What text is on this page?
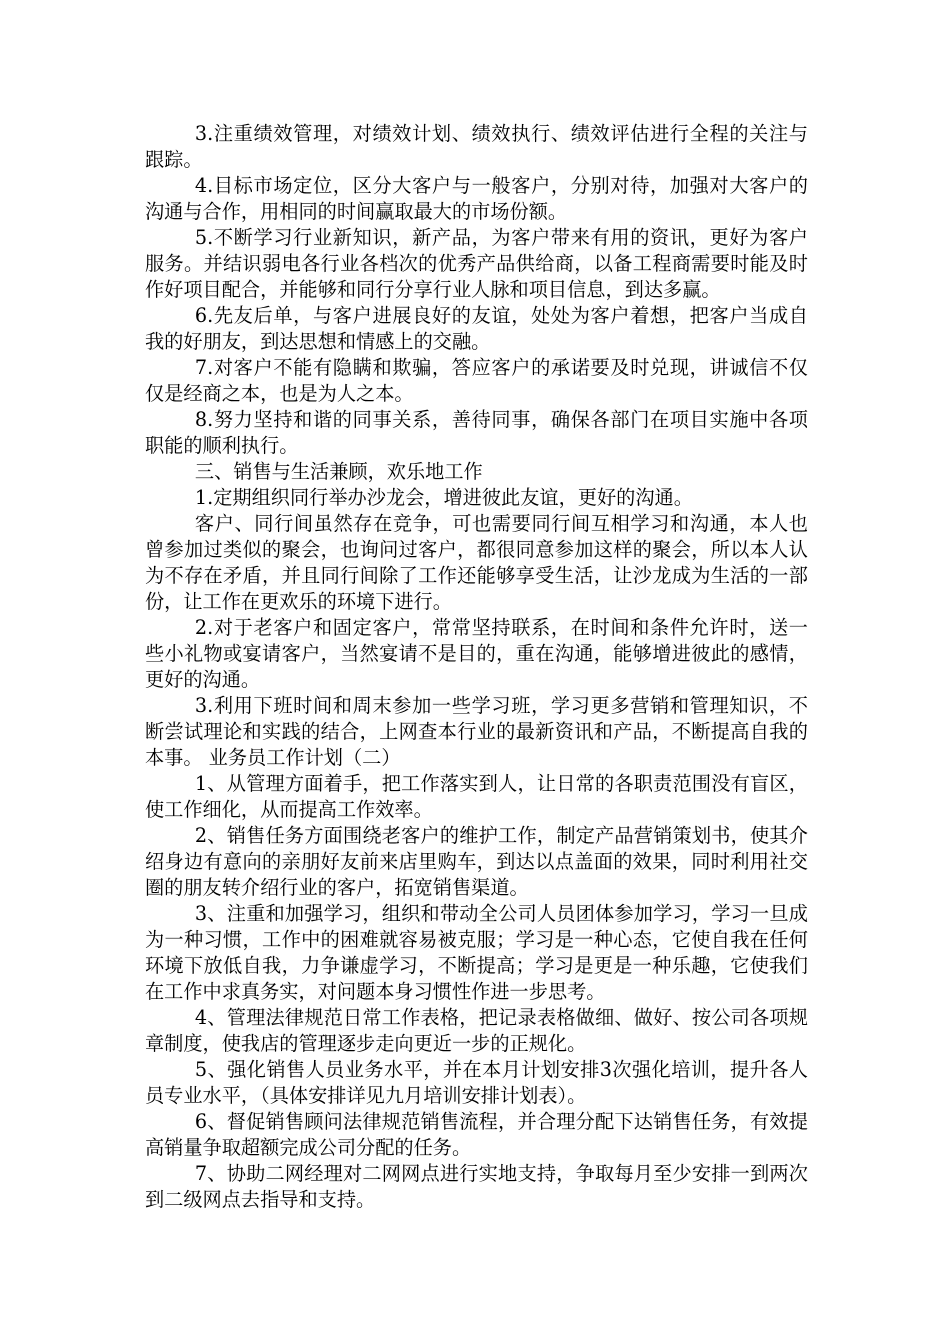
3.注重绩效管理，对绩效计划、绩效执行、绩效评估进行全程的关注与跟踪。

4.目标市场定位，区分大客户与一般客户，分别对待，加强对大客户的沟通与合作，用相同的时间赢取最大的市场份额。

5.不断学习行业新知识，新产品，为客户带来有用的资讯，更好为客户服务。并结识弱电各行业各档次的优秀产品供给商，以备工程商需要时能及时作好项目配合，并能够和同行分享行业人脉和项目信息，到达多赢。

6.先友后单，与客户进展良好的友谊，处处为客户着想，把客户当成自我的好朋友，到达思想和情感上的交融。

7.对客户不能有隐瞒和欺骗，答应客户的承诺要及时兑现，讲诚信不仅仅是经商之本，也是为人之本。

8.努力坚持和谐的同事关系，善待同事，确保各部门在项目实施中各项职能的顺利执行。

三、销售与生活兼顾，欢乐地工作

1.定期组织同行举办沙龙会，增进彼此友谊，更好的沟通。

客户、同行间虽然存在竞争，可也需要同行间互相学习和沟通，本人也曾参加过类似的聚会，也询问过客户，都很同意参加这样的聚会，所以本人认为不存在矛盾，并且同行间除了工作还能够享受生活，让沙龙成为生活的一部份，让工作在更欢乐的环境下进行。

2.对于老客户和固定客户，常常坚持联系，在时间和条件允许时，送一些小礼物或宴请客户，当然宴请不是目的，重在沟通，能够增进彼此的感情，更好的沟通。

3.利用下班时间和周末参加一些学习班，学习更多营销和管理知识，不断尝试理论和实践的结合，上网查本行业的最新资讯和产品，不断提高自我的本事。 业务员工作计划（二）

1、从管理方面着手，把工作落实到人，让日常的各职责范围没有盲区，使工作细化，从而提高工作效率。

2、销售任务方面围绕老客户的维护工作，制定产品营销策划书，使其介绍身边有意向的亲朋好友前来店里购车，到达以点盖面的效果，同时利用社交圈的朋友转介绍行业的客户，拓宽销售渠道。

3、注重和加强学习，组织和带动全公司人员团体参加学习，学习一旦成为一种习惯，工作中的困难就容易被克服；学习是一种心态，它使自我在任何环境下放低自我，力争谦虚学习，不断提高；学习是更是一种乐趣，它使我们在工作中求真务实，对问题本身习惯性作进一步思考。

4、管理法律规范日常工作表格，把记录表格做细、做好、按公司各项规章制度，使我店的管理逐步走向更近一步的正规化。

5、强化销售人员业务水平，并在本月计划安排3次强化培训，提升各人员专业水平，（具体安排详见九月培训安排计划表）。

6、督促销售顾问法律规范销售流程，并合理分配下达销售任务，有效提高销量争取超额完成公司分配的任务。

7、协助二网经理对二网网点进行实地支持，争取每月至少安排一到两次到二级网点去指导和支持。
